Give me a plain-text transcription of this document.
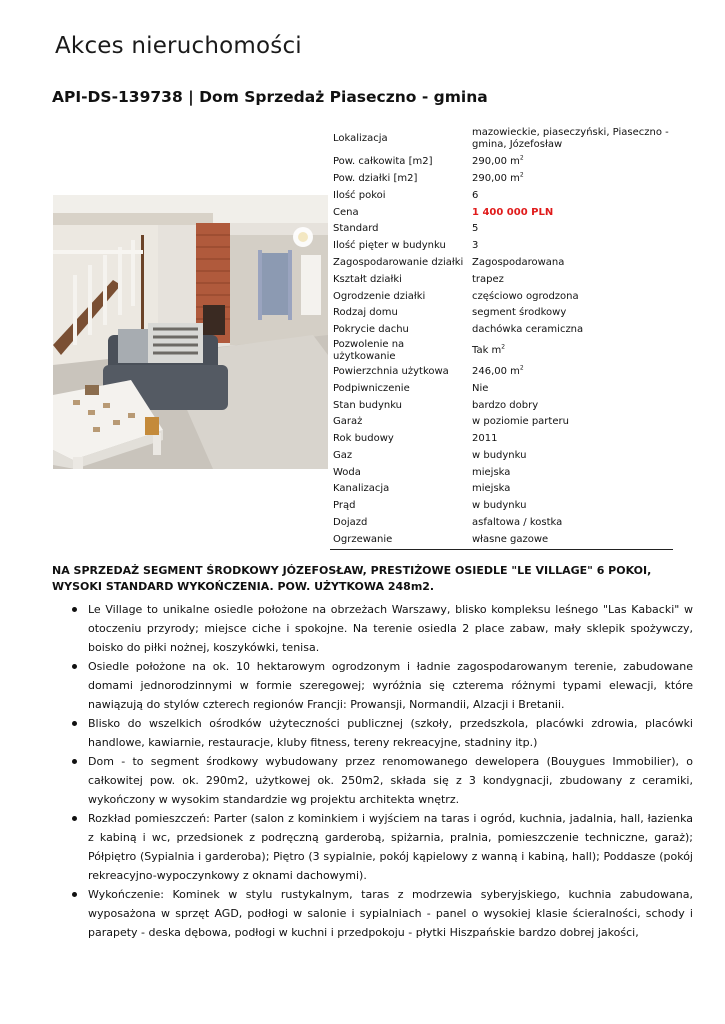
Akces nieruchomości
API-DS-139738 | Dom Sprzedaż Piaseczno - gmina
Lokalizacja	mazowieckie, piaseczyński, Piaseczno - gmina, Józefosław
Pow. całkowita [m2]	290,00 $m^2$
Pow. działki [m2]	290,00 $m^2$
Ilość pokoi	6
Cena	1 400 000 PLN
Standard	5
Ilość pięter w budynku	3
Zagospodarowanie działki	Zagospodarowana
Kształt działki	trapez
Ogrodzenie działki	częściowo ogrodzona
Rodzaj domu	segment środkowy
Pokrycie dachu	dachówka ceramiczna
Pozwolenie na użytkowanie	Tak $m^2$
Powierzchnia użytkowa	246,00 $m^2$
Podpiwniczenie	Nie
Stan budynku	bardzo dobry
Garaż	w poziomie parteru
Rok budowy	2011
Gaz	w budynku
Woda	miejska
Kanalizacja	miejska
Prąd	w budynku
Dojazd	asfaltowa / kostka
Ogrzewanie	własne gazowe
NA SPRZEDAŻ SEGMENT ŚRODKOWY JÓZEFOSŁAW, PRESTIŻOWE OSIEDLE "LE VILLAGE" 6 POKOI, WYSOKI STANDARD WYKOŃCZENIA. POW. UŻYTKOWA 248m2.
Le Village to unikalne osiedle położone na obrzeżach Warszawy, blisko kompleksu leśnego "Las Kabacki" w otoczeniu przyrody; miejsce ciche i spokojne. Na terenie osiedla 2 place zabaw, mały sklepik spożywczy, boisko do piłki nożnej, koszykówki, tenisa.
Osiedle położone na ok. 10 hektarowym ogrodzonym i ładnie zagospodarowanym terenie, zabudowane domami jednorodzinnymi w formie szeregowej; wyróżnia się czterema różnymi typami elewacji, które nawiązują do stylów czterech regionów Francji: Prowansji, Normandii, Alzacji i Bretanii.
Blisko do wszelkich ośrodków użyteczności publicznej (szkoły, przedszkola, placówki zdrowia, placówki handlowe, kawiarnie, restauracje, kluby fitness, tereny rekreacyjne, stadniny itp.)
Dom - to segment środkowy wybudowany przez renomowanego dewelopera (Bouygues Immobilier), o całkowitej pow. ok. 290m2, użytkowej ok. 250m2, składa się z 3 kondygnacji, zbudowany z ceramiki, wykończony w wysokim standardzie wg projektu architekta wnętrz.
Rozkład pomieszczeń: Parter (salon z kominkiem i wyjściem na taras i ogród, kuchnia, jadalnia, hall, łazienka z kabiną i wc, przedsionek z podręczną garderobą, spiżarnia, pralnia, pomieszczenie techniczne, garaż); Półpiętro (Sypialnia i garderoba); Piętro (3 sypialnie, pokój kąpielowy z wanną i kabiną, hall); Poddasze (pokój rekreacyjno-wypoczynkowy z oknami dachowymi).
Wykończenie: Kominek w stylu rustykalnym, taras z modrzewia syberyjskiego, kuchnia zabudowana, wyposażona w sprzęt AGD, podłogi w salonie i sypialniach - panel o wysokiej klasie ścieralności, schody i parapety - deska dębowa, podłogi w kuchni i przedpokoju - płytki Hiszpańskie bardzo dobrej jakości,
